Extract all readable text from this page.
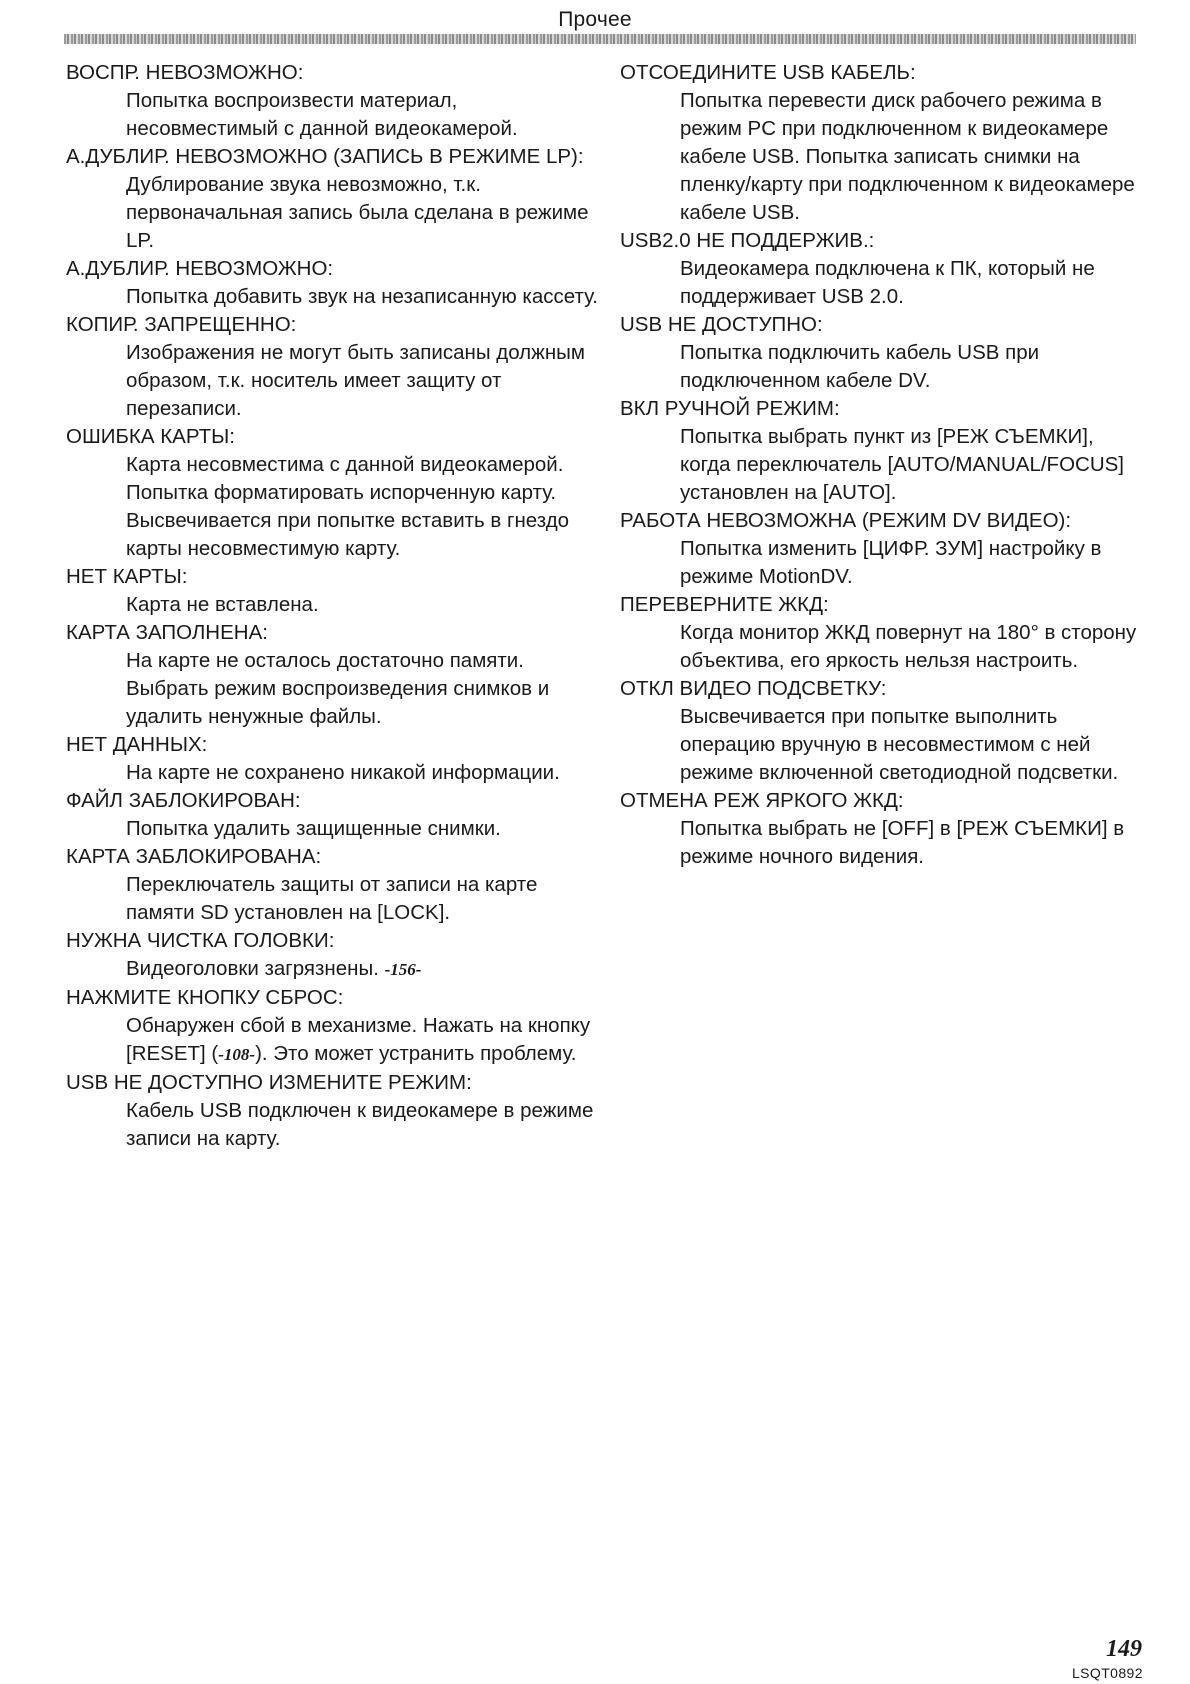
Прочее
ВОСПР. НЕВОЗМОЖНО:
Попытка воспроизвести материал, несовместимый с данной видеокамерой.
А.ДУБЛИР. НЕВОЗМОЖНО (ЗАПИСЬ В РЕЖИМЕ LP):
Дублирование звука невозможно, т.к. первоначальная запись была сделана в режиме LP.
А.ДУБЛИР. НЕВОЗМОЖНО:
Попытка добавить звук на незаписанную кассету.
КОПИР. ЗАПРЕЩЕННО:
Изображения не могут быть записаны должным образом, т.к. носитель имеет защиту от перезаписи.
ОШИБКА КАРТЫ:
Карта несовместима с данной видеокамерой.
Попытка форматировать испорченную карту.
Высвечивается при попытке вставить в гнездо карты несовместимую карту.
НЕТ КАРТЫ:
Карта не вставлена.
КАРТА ЗАПОЛНЕНА:
На карте не осталось достаточно памяти.
Выбрать режим воспроизведения снимков и удалить ненужные файлы.
НЕТ ДАННЫХ:
На карте не сохранено никакой информации.
ФАЙЛ ЗАБЛОКИРОВАН:
Попытка удалить защищенные снимки.
КАРТА ЗАБЛОКИРОВАНА:
Переключатель защиты от записи на карте памяти SD установлен на [LOCK].
НУЖНА ЧИСТКА ГОЛОВКИ:
Видеоголовки загрязнены. -156-
НАЖМИТЕ КНОПКУ СБРОС:
Обнаружен сбой в механизме. Нажать на кнопку [RESET] (-108-). Это может устранить проблему.
USB НЕ ДОСТУПНО ИЗМЕНИТЕ РЕЖИМ:
Кабель USB подключен к видеокамере в режиме записи на карту.
ОТСОЕДИНИТЕ USB КАБЕЛЬ:
Попытка перевести диск рабочего режима в режим PC при подключенном к видеокамере кабеле USB. Попытка записать снимки на пленку/карту при подключенном к видеокамере кабеле USB.
USB2.0 НЕ ПОДДЕРЖИВ.:
Видеокамера подключена к ПК, который не поддерживает USB 2.0.
USB НЕ ДОСТУПНО:
Попытка подключить кабель USB при подключенном кабеле DV.
ВКЛ РУЧНОЙ РЕЖИМ:
Попытка выбрать пункт из [РЕЖ СЪЕМКИ], когда переключатель [AUTO/MANUAL/FOCUS] установлен на [AUTO].
РАБОТА НЕВОЗМОЖНА (РЕЖИМ DV ВИДЕО):
Попытка изменить [ЦИФР. ЗУМ] настройку в режиме MotionDV.
ПЕРЕВЕРНИТЕ ЖКД:
Когда монитор ЖКД повернут на 180° в сторону объектива, его яркость нельзя настроить.
ОТКЛ ВИДЕО ПОДСВЕТКУ:
Высвечивается при попытке выполнить операцию вручную в несовместимом с ней режиме включенной светодиодной подсветки.
ОТМЕНА РЕЖ ЯРКОГО ЖКД:
Попытка выбрать не [OFF] в [РЕЖ СЪЕМКИ] в режиме ночного видения.
149
LSQT0892
